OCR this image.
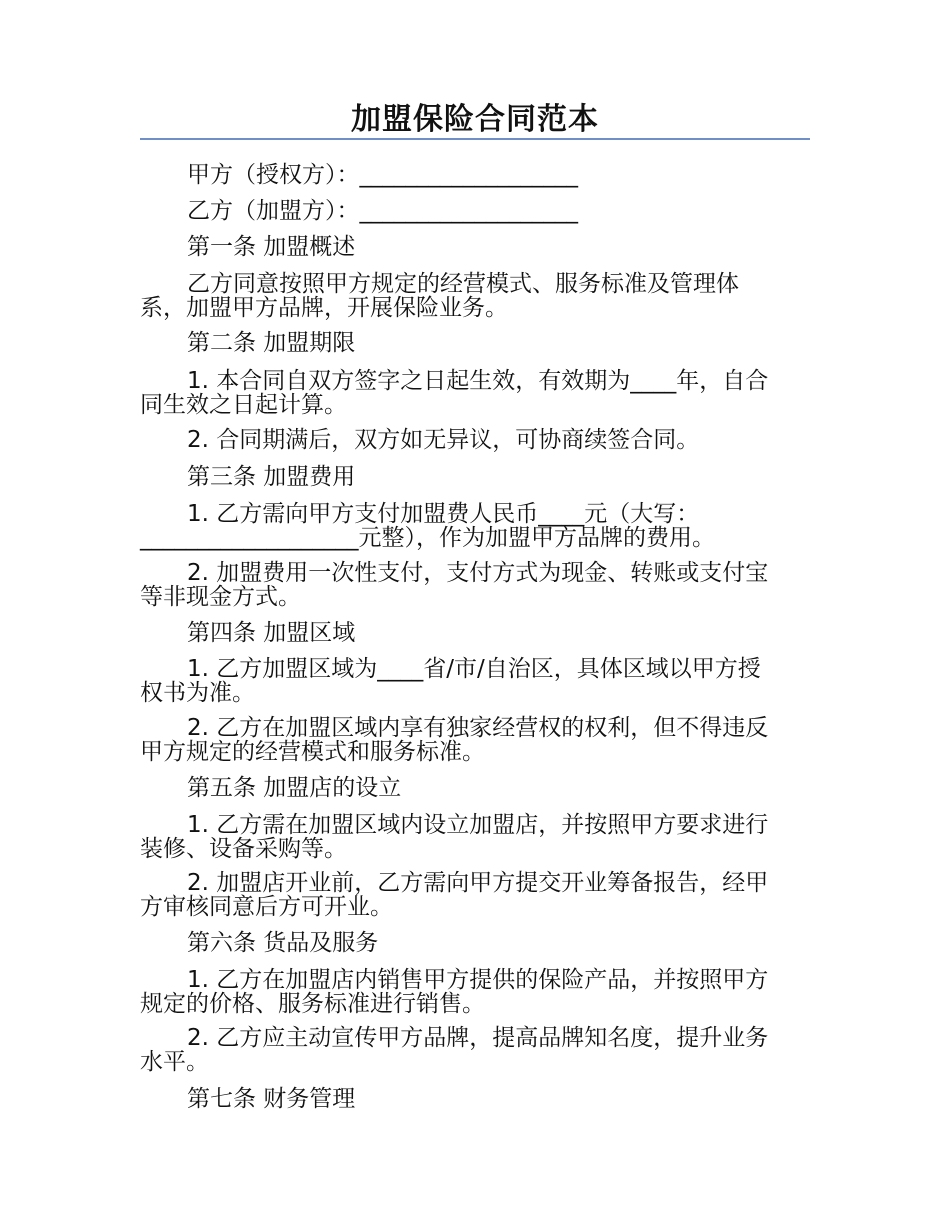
加盟保险合同范本
甲方（授权方）：___________________
乙方（加盟方）：___________________
第一条 加盟概述
乙方同意按照甲方规定的经营模式、服务标准及管理体
系，加盟甲方品牌，开展保险业务。
第二条 加盟期限
1. 本合同自双方签字之日起生效，有效期为____年，自合
同生效之日起计算。
2. 合同期满后，双方如无异议，可协商续签合同。
第三条 加盟费用
1. 乙方需向甲方支付加盟费人民币____元（大写：
___________________元整），作为加盟甲方品牌的费用。
2. 加盟费用一次性支付，支付方式为现金、转账或支付宝
等非现金方式。
第四条 加盟区域
1. 乙方加盟区域为____省/市/自治区，具体区域以甲方授
权书为准。
2. 乙方在加盟区域内享有独家经营权的权利，但不得违反
甲方规定的经营模式和服务标准。
第五条 加盟店的设立
1. 乙方需在加盟区域内设立加盟店，并按照甲方要求进行
装修、设备采购等。
2. 加盟店开业前，乙方需向甲方提交开业筹备报告，经甲
方审核同意后方可开业。
第六条 货品及服务
1. 乙方在加盟店内销售甲方提供的保险产品，并按照甲方
规定的价格、服务标准进行销售。
2. 乙方应主动宣传甲方品牌，提高品牌知名度，提升业务
水平。
第七条 财务管理
